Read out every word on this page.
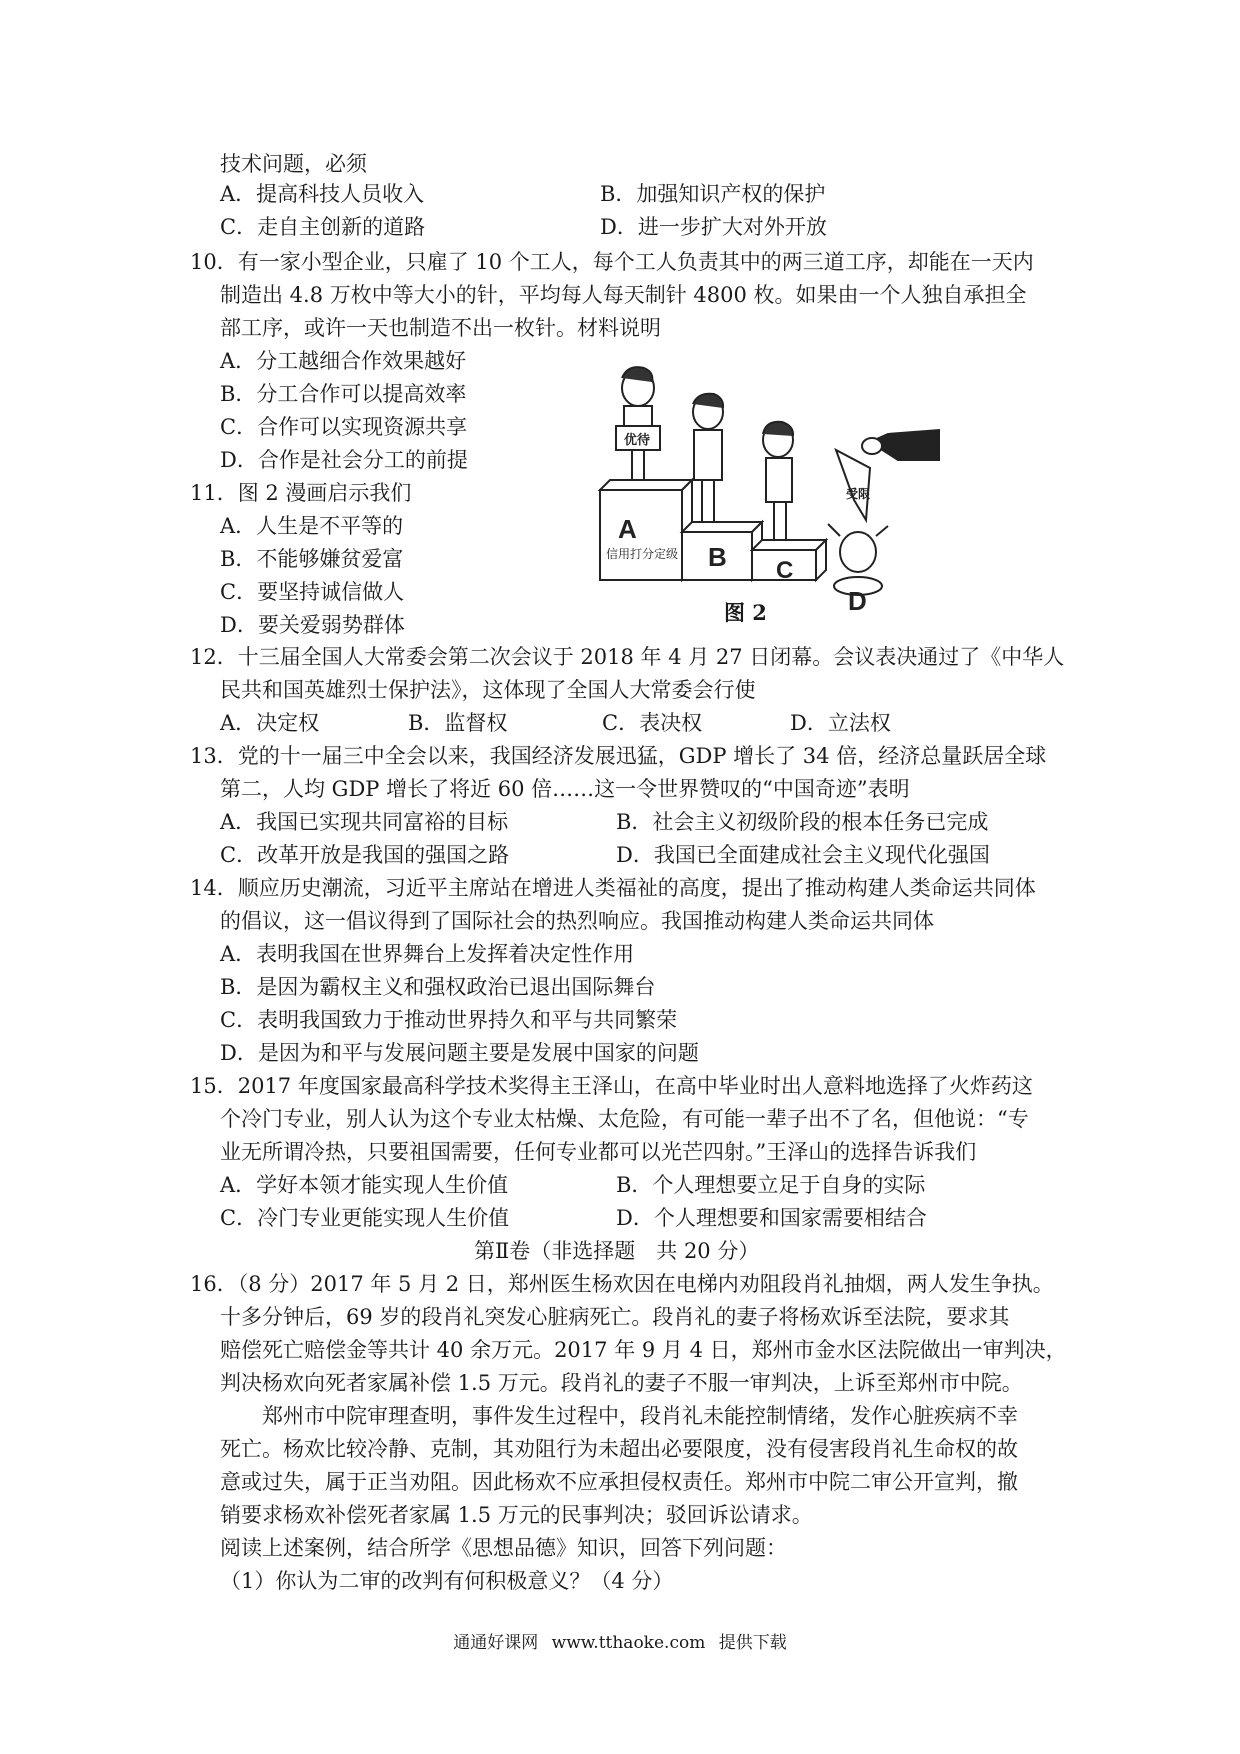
技术问题，必须
A．提高科技人员收入	B．加强知识产权的保护
C．走自主创新的道路	D．进一步扩大对外开放
10．有一家小型企业，只雇了 10 个工人，每个工人负责其中的两三道工序，却能在一天内
制造出 4.8 万枚中等大小的针，平均每人每天制针 4800 枚。如果由一个人独自承担全
部工序，或许一天也制造不出一枚针。材料说明
A．分工越细合作效果越好
B．分工合作可以提高效率
C．合作可以实现资源共享
D．合作是社会分工的前提
11．图 2 漫画启示我们
A．人生是不平等的
B．不能够嫌贫爱富
C．要坚持诚信做人
D．要关爱弱势群体
A
B C
D
信用打分定级
优待
受限
图 2
12．十三届全国人大常委会第二次会议于 2018 年 4 月 27 日闭幕。会议表决通过了《中华人
民共和国英雄烈士保护法》，这体现了全国人大常委会行使
A．决定权	B．监督权	C．表决权	D．立法权
13．党的十一届三中全会以来，我国经济发展迅猛，GDP 增长了 34 倍，经济总量跃居全球
第二，人均 GDP 增长了将近 60 倍……这一令世界赞叹的“中国奇迹”表明
A．我国已实现共同富裕的目标	B．社会主义初级阶段的根本任务已完成
C．改革开放是我国的强国之路	D．我国已全面建成社会主义现代化强国
14．顺应历史潮流，习近平主席站在增进人类福祉的高度，提出了推动构建人类命运共同体
的倡议，这一倡议得到了国际社会的热烈响应。我国推动构建人类命运共同体
A．表明我国在世界舞台上发挥着决定性作用
B．是因为霸权主义和强权政治已退出国际舞台
C．表明我国致力于推动世界持久和平与共同繁荣
D．是因为和平与发展问题主要是发展中国家的问题
15．2017 年度国家最高科学技术奖得主王泽山，在高中毕业时出人意料地选择了火炸药这
个冷门专业，别人认为这个专业太枯燥、太危险，有可能一辈子出不了名，但他说：“专
业无所谓冷热，只要祖国需要，任何专业都可以光芒四射。”王泽山的选择告诉我们
A．学好本领才能实现人生价值	B．个人理想要立足于自身的实际
C．冷门专业更能实现人生价值	D．个人理想要和国家需要相结合
第Ⅱ卷（非选择题　共 20 分）
16．（8 分）2017 年 5 月 2 日，郑州医生杨欢因在电梯内劝阻段肖礼抽烟，两人发生争执。
十多分钟后，69 岁的段肖礼突发心脏病死亡。段肖礼的妻子将杨欢诉至法院，要求其
赔偿死亡赔偿金等共计 40 余万元。2017 年 9 月 4 日，郑州市金水区法院做出一审判决，
判决杨欢向死者家属补偿 1.5 万元。段肖礼的妻子不服一审判决，上诉至郑州市中院。
郑州市中院审理查明，事件发生过程中，段肖礼未能控制情绪，发作心脏疾病不幸
死亡。杨欢比较冷静、克制，其劝阻行为未超出必要限度，没有侵害段肖礼生命权的故
意或过失，属于正当劝阻。因此杨欢不应承担侵权责任。郑州市中院二审公开宣判，撤
销要求杨欢补偿死者家属 1.5 万元的民事判决；驳回诉讼请求。
阅读上述案例，结合所学《思想品德》知识，回答下列问题：
（1）你认为二审的改判有何积极意义？（4 分）
通通好课网 www.tthaoke.com 提供下载
